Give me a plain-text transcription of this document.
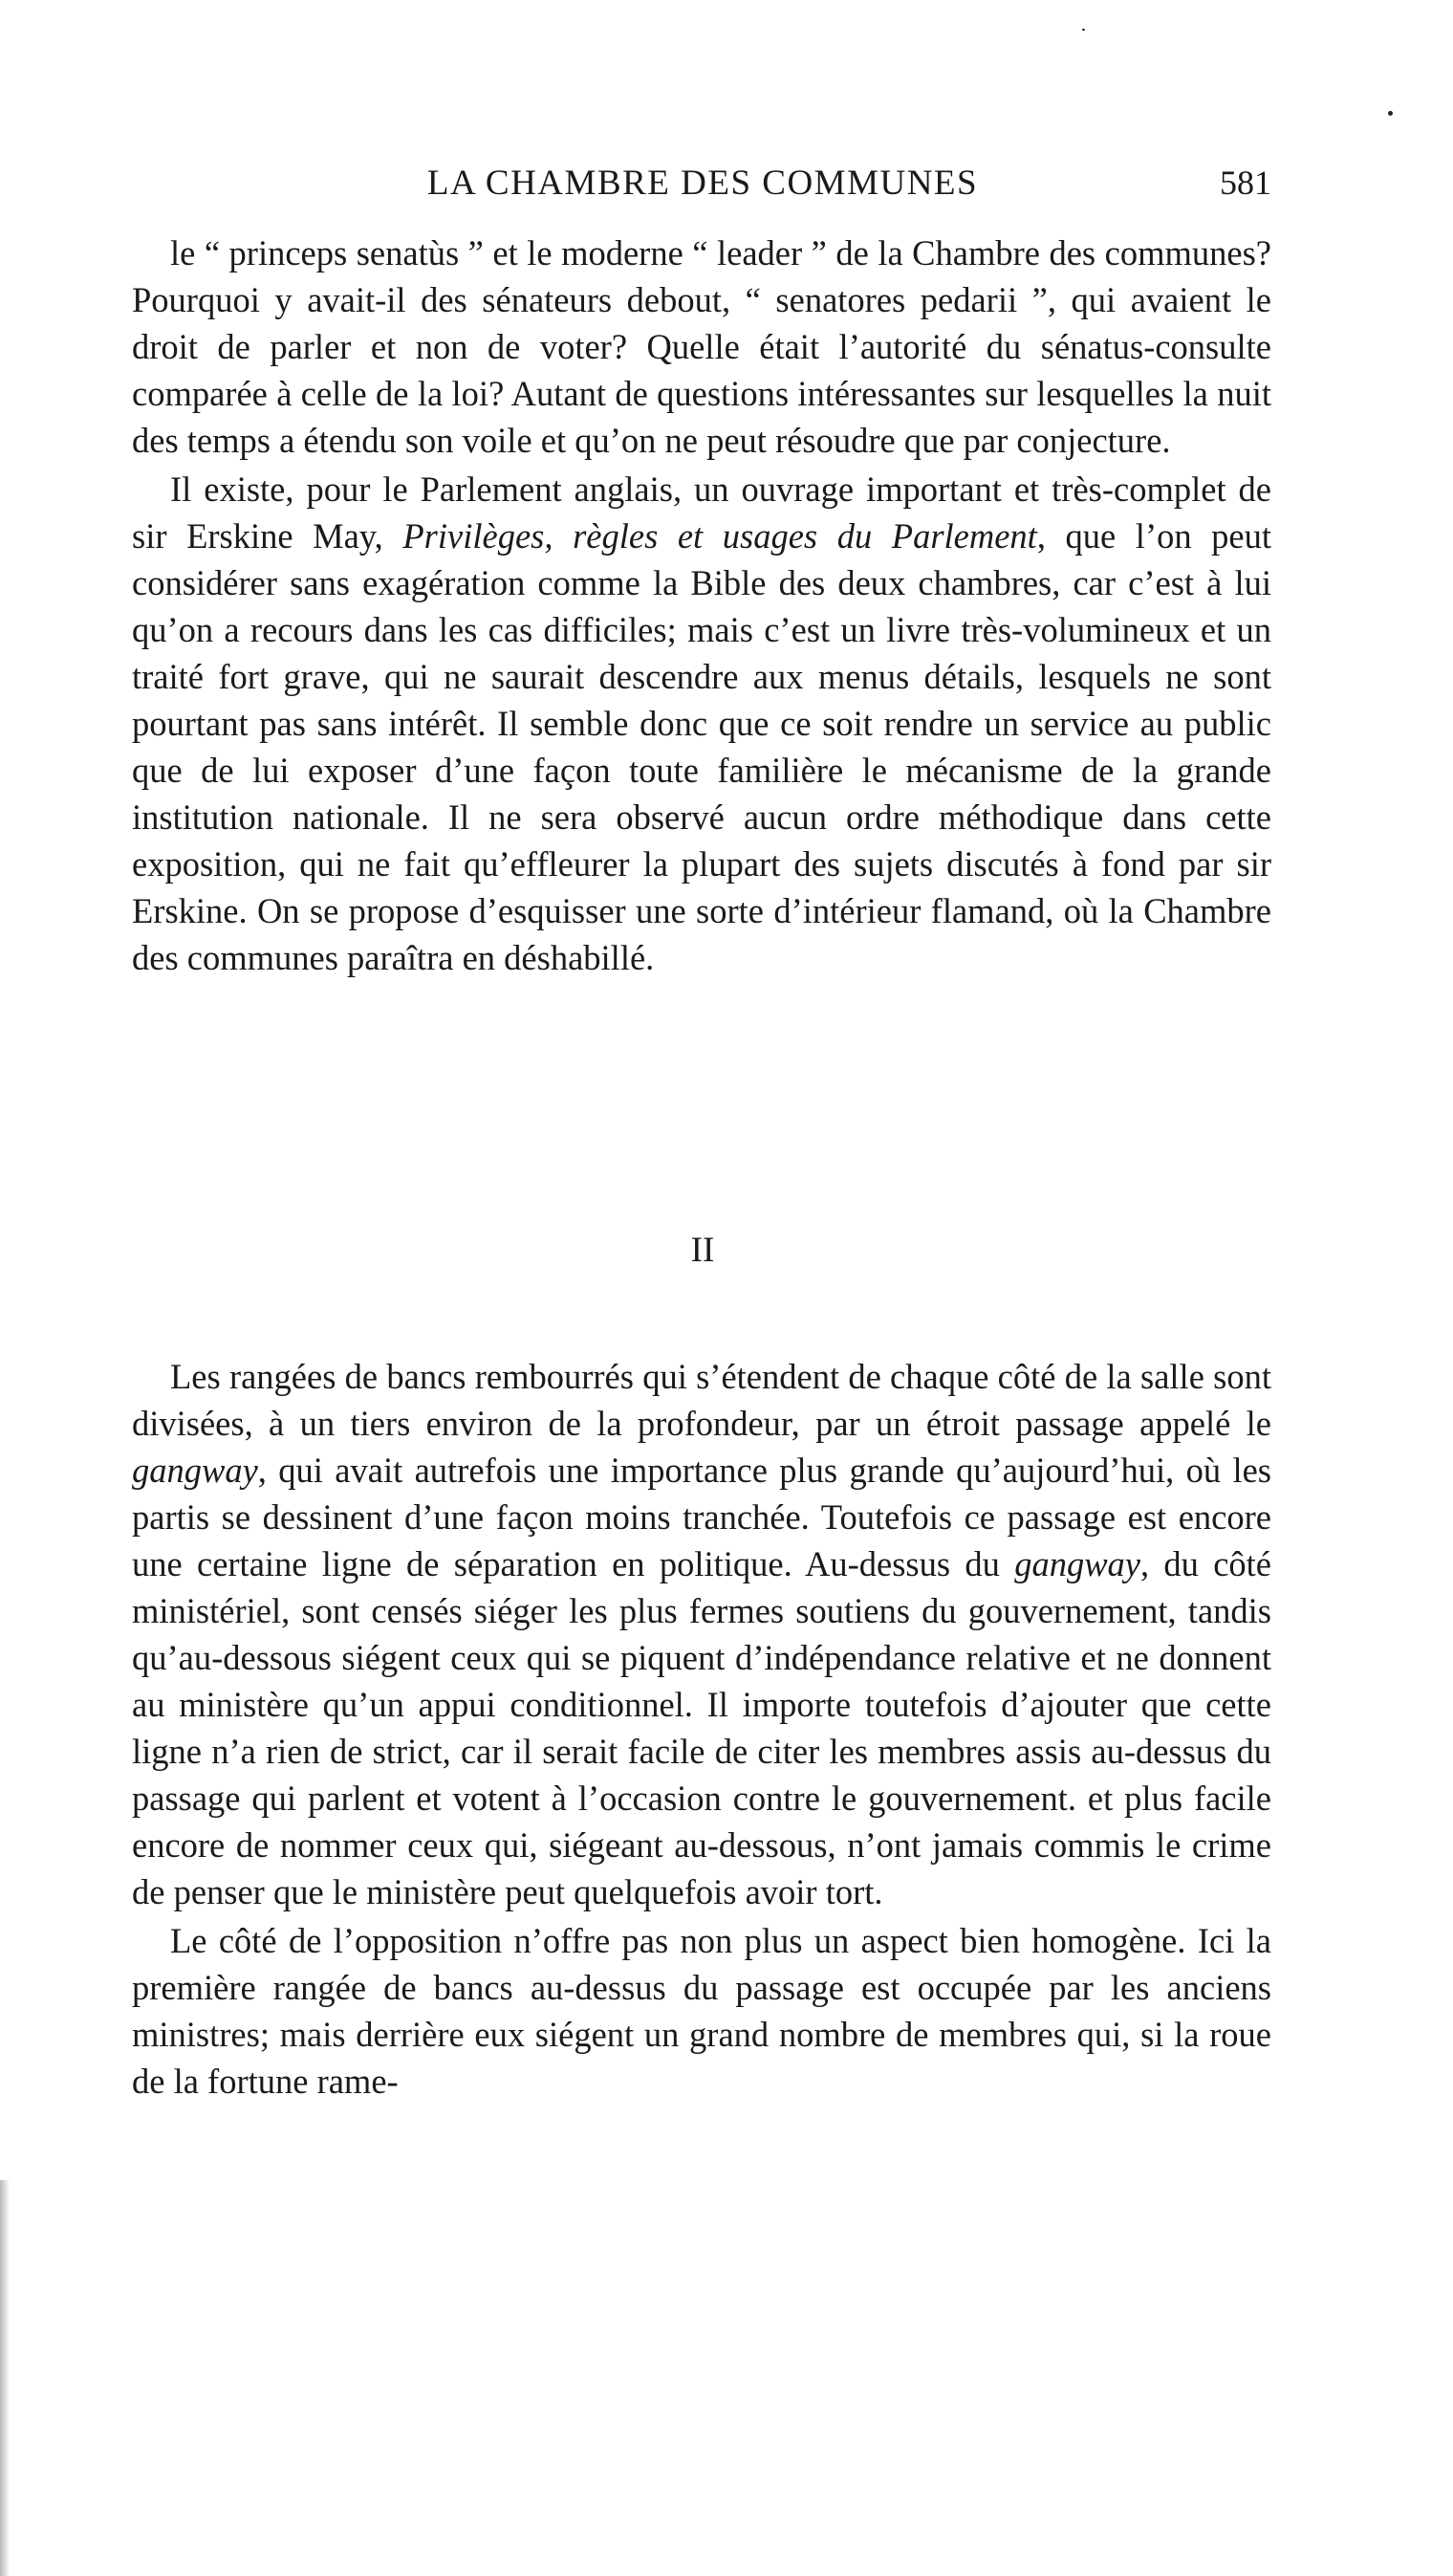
LA CHAMBRE DES COMMUNES	581

le “ princeps senatùs ” et le moderne “ leader ” de la Chambre des communes? Pourquoi y avait-il des sénateurs debout, “ senatores pedarii ”, qui avaient le droit de parler et non de voter? Quelle était l’autorité du sénatus-consulte comparée à celle de la loi? Autant de questions intéressantes sur lesquelles la nuit des temps a étendu son voile et qu’on ne peut résoudre que par conjecture.

Il existe, pour le Parlement anglais, un ouvrage important et très-complet de sir Erskine May, Privilèges, règles et usages du Parlement, que l’on peut considérer sans exagération comme la Bible des deux chambres, car c’est à lui qu’on a recours dans les cas difficiles; mais c’est un livre très-volumineux et un traité fort grave, qui ne saurait descendre aux menus détails, lesquels ne sont pourtant pas sans intérêt. Il semble donc que ce soit rendre un service au public que de lui exposer d’une façon toute familière le mécanisme de la grande institution nationale. Il ne sera observé aucun ordre méthodique dans cette exposition, qui ne fait qu’effleurer la plupart des sujets discutés à fond par sir Erskine. On se propose d’esquisser une sorte d’intérieur flamand, où la Chambre des communes paraîtra en déshabillé.

II

Les rangées de bancs rembourrés qui s’étendent de chaque côté de la salle sont divisées, à un tiers environ de la profondeur, par un étroit passage appelé le gangway, qui avait autrefois une importance plus grande qu’aujourd’hui, où les partis se dessinent d’une façon moins tranchée. Toutefois ce passage est encore une certaine ligne de séparation en politique. Au-dessus du gangway, du côté ministériel, sont censés siéger les plus fermes soutiens du gouvernement, tandis qu’au-dessous siégent ceux qui se piquent d’indépendance relative et ne donnent au ministère qu’un appui conditionnel. Il importe toutefois d’ajouter que cette ligne n’a rien de strict, car il serait facile de citer les membres assis au-dessus du passage qui parlent et votent à l’occasion contre le gouvernement. et plus facile encore de nommer ceux qui, siégeant au-dessous, n’ont jamais commis le crime de penser que le ministère peut quelquefois avoir tort.

Le côté de l’opposition n’offre pas non plus un aspect bien homogène. Ici la première rangée de bancs au-dessus du passage est occupée par les anciens ministres; mais derrière eux siégent un grand nombre de membres qui, si la roue de la fortune rame-
